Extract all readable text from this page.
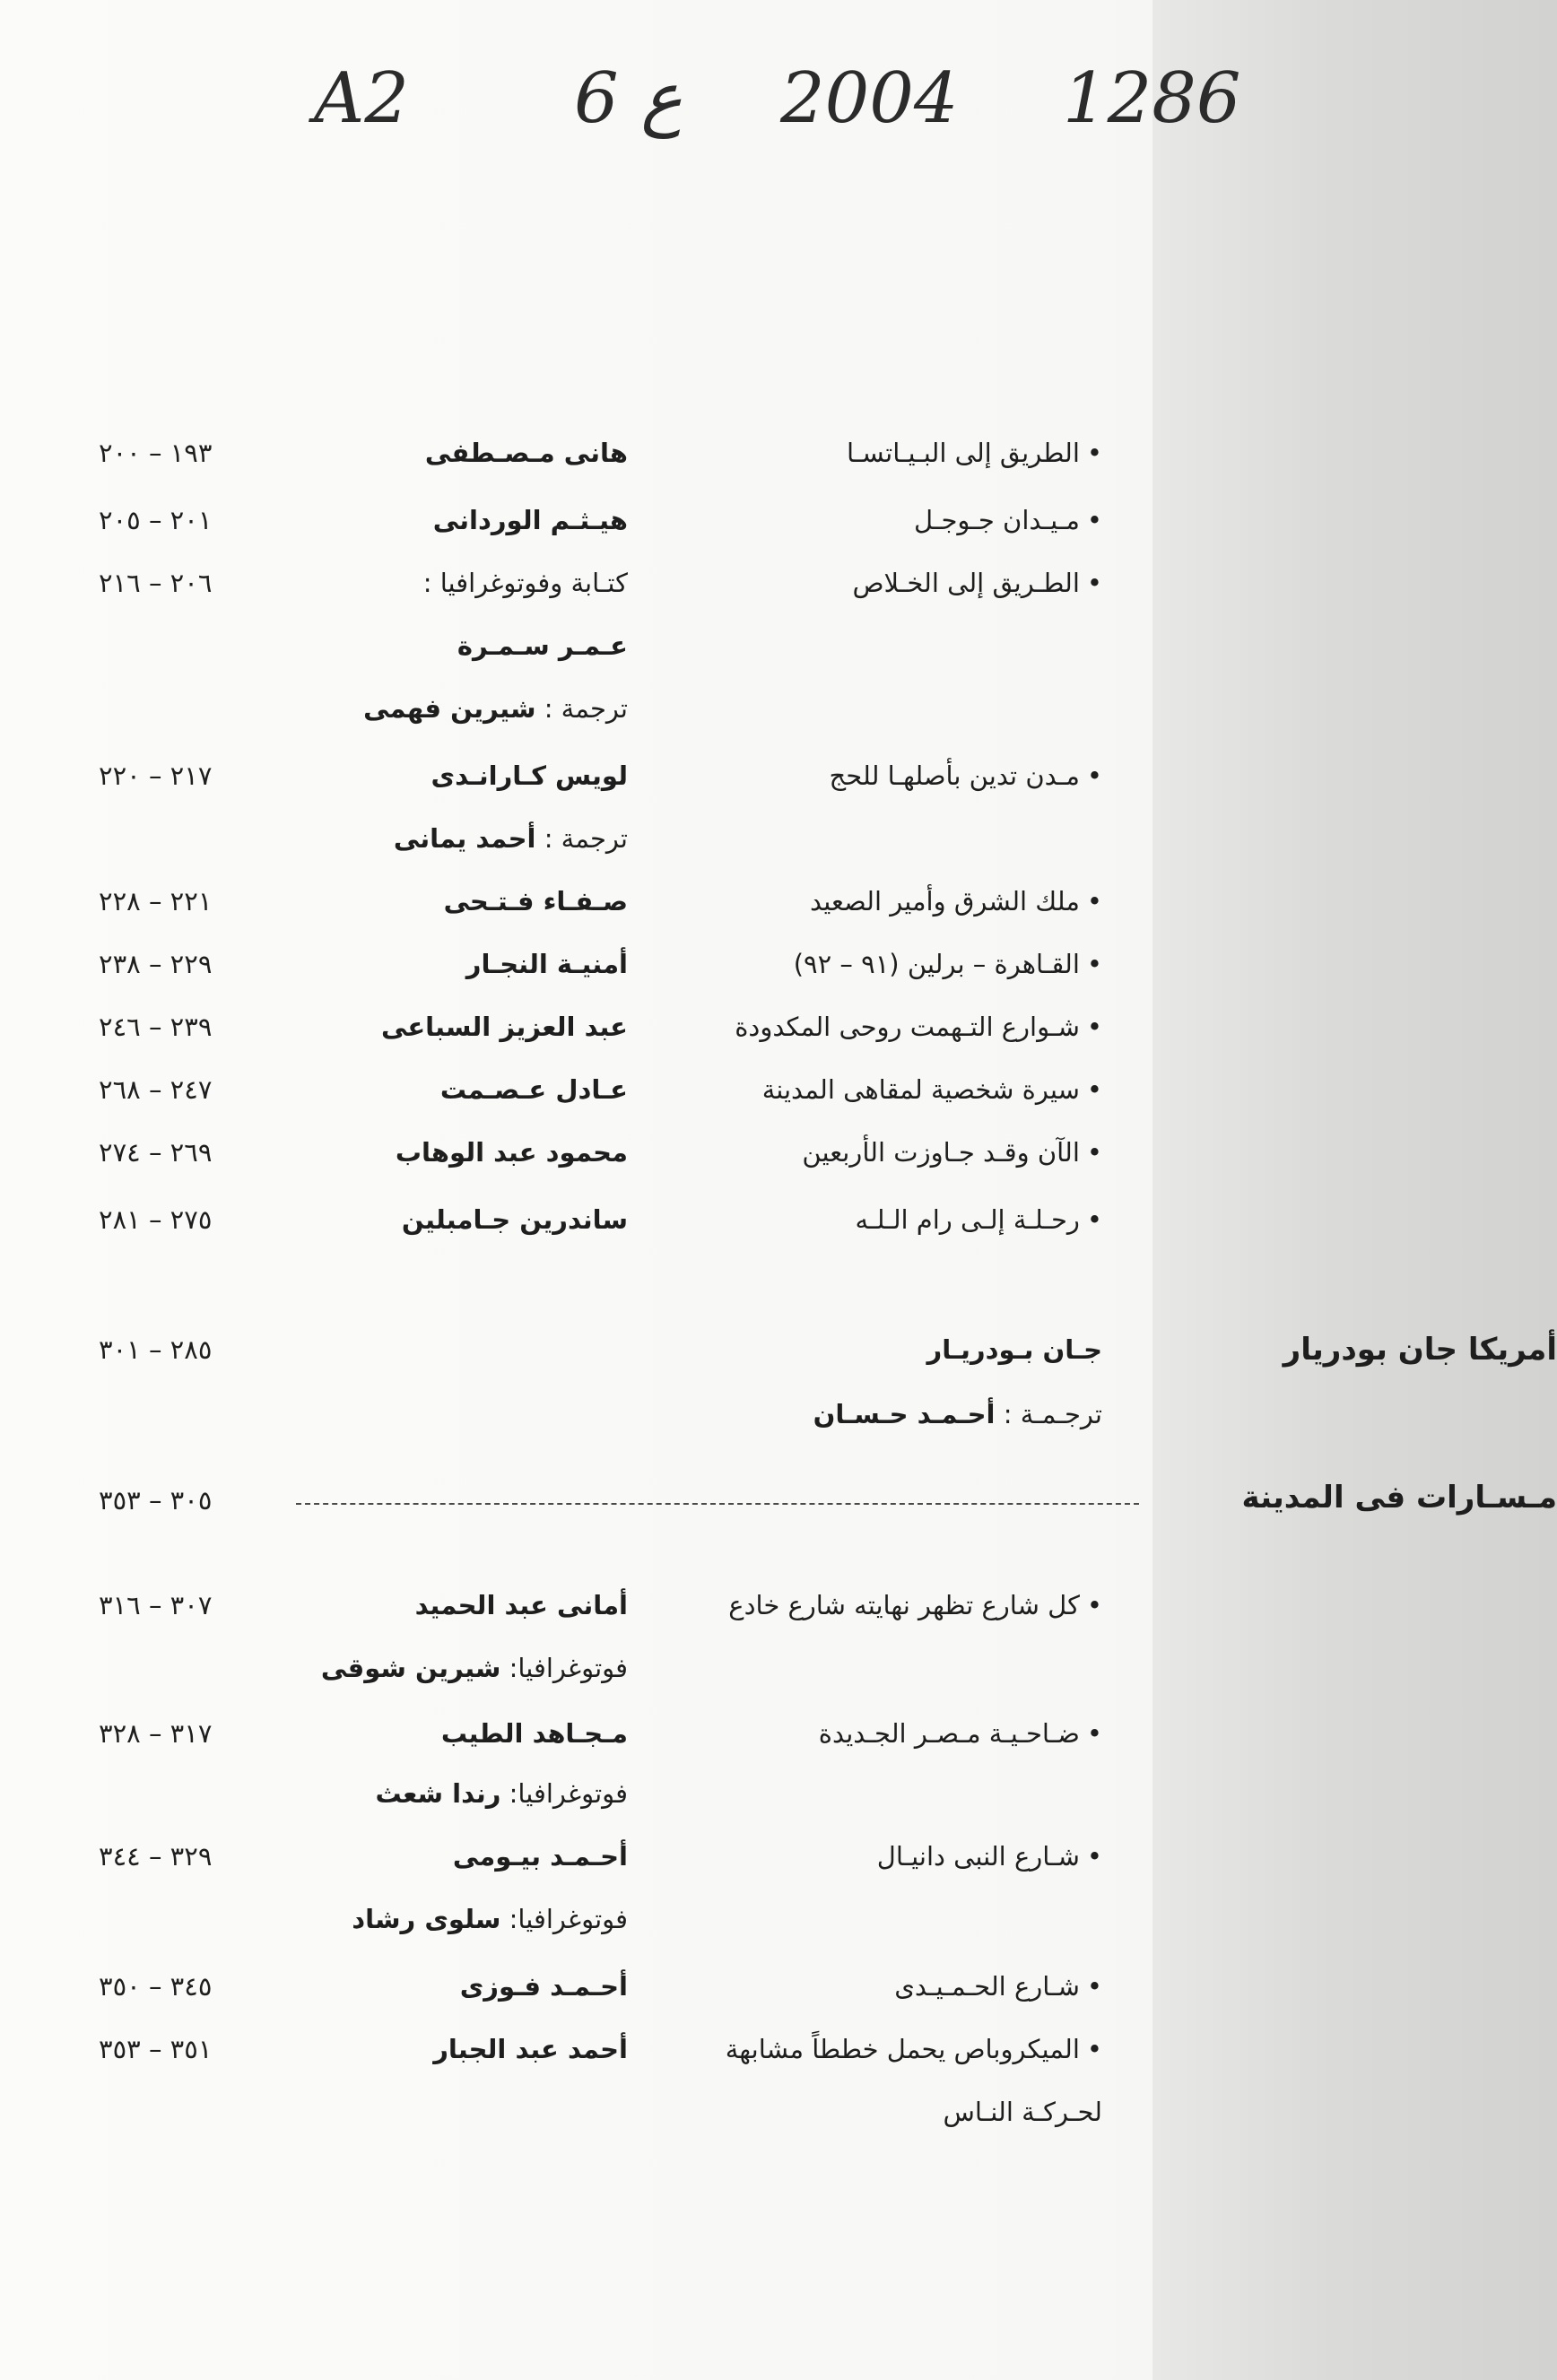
A2 6 ع 2004 1286
•الطريق إلى البـيـاتسـا
هانى مـصـطفى
١٩٣ – ٢٠٠
•مـيـدان جـوجـل
هيـثـم الوردانى
٢٠١ – ٢٠٥
•الطـريق إلى الخـلاص
كتـابة وفوتوغرافيا :
٢٠٦ – ٢١٦
عـمـر سـمـرة
ترجمة : شيرين فهمى
•مـدن تدين بأصلهـا للحج
لويس كـارانـدى
٢١٧ – ٢٢٠
ترجمة : أحمد يمانى
•ملك الشرق وأمير الصعيد
صـفـاء فـتـحى
٢٢١ – ٢٢٨
•القـاهرة – برلين (٩١ – ٩٢)
أمنيـة النجـار
٢٢٩ – ٢٣٨
•شـوارع التـهمت روحى المكدودة
عبد العزيز السباعى
٢٣٩ – ٢٤٦
•سيرة شخصية لمقاهى المدينة
عـادل عـصـمت
٢٤٧ – ٢٦٨
•الآن وقـد جـاوزت الأربعين
محمود عبد الوهاب
٢٦٩ – ٢٧٤
•رحـلـة إلـى رام الـلـه
ساندرين جـامبلين
٢٧٥ – ٢٨١
أمريكا جان بودريار
جـان بـودريـار
٢٨٥ – ٣٠١
ترجـمـة : أحـمـد حـسـان
مـسـارات فى المدينة
٣٠٥ – ٣٥٣
•كل شارع تظهر نهايته شارع خادع
أمانى عبد الحميد
٣٠٧ – ٣١٦
فوتوغرافيا: شيرين شوقى
•ضـاحـيـة مـصـر الجـديدة
مـجـاهد الطيب
٣١٧ – ٣٢٨
فوتوغرافيا: رندا شعث
•شـارع النبى دانيـال
أحـمـد بيـومى
٣٢٩ – ٣٤٤
فوتوغرافيا: سلوى رشاد
•شـارع الحـمـيـدى
أحـمـد فـوزى
٣٤٥ – ٣٥٠
•الميكروباص يحمل خططاً مشابهة
أحمد عبد الجبار
٣٥١ – ٣٥٣
لحـركـة النـاس
